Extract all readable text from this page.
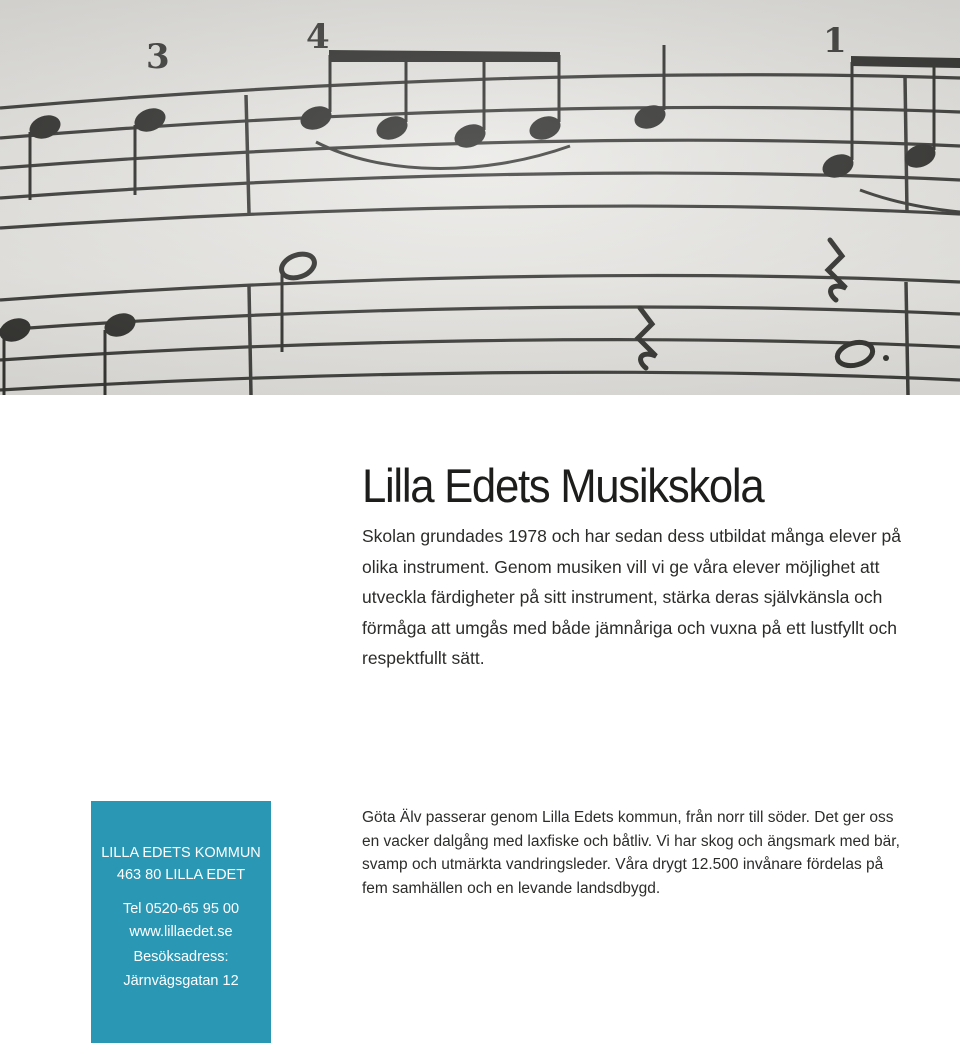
Lilla Edets Musikskola

Skolan grundades 1978 och har sedan dess utbildat många elever på olika instrument. Genom musiken vill vi ge våra elever möjlighet att utveckla färdigheter på sitt instrument, stärka deras självkänsla och förmåga att umgås med både jämnåriga och vuxna på ett lustfyllt och respektfullt sätt.

LILLA EDETS KOMMUN
463 80 LILLA EDET
Tel 0520-65 95 00
www.lillaedet.se
Besöksadress:
Järnvägsgatan 12

Göta Älv passerar genom Lilla Edets kommun, från norr till söder. Det ger oss en vacker dalgång med laxfiske och båtliv. Vi har skog och ängsmark med bär, svamp och utmärkta vandringsleder. Våra drygt 12.500 invånare fördelas på fem samhällen och en levande landsdbygd.
